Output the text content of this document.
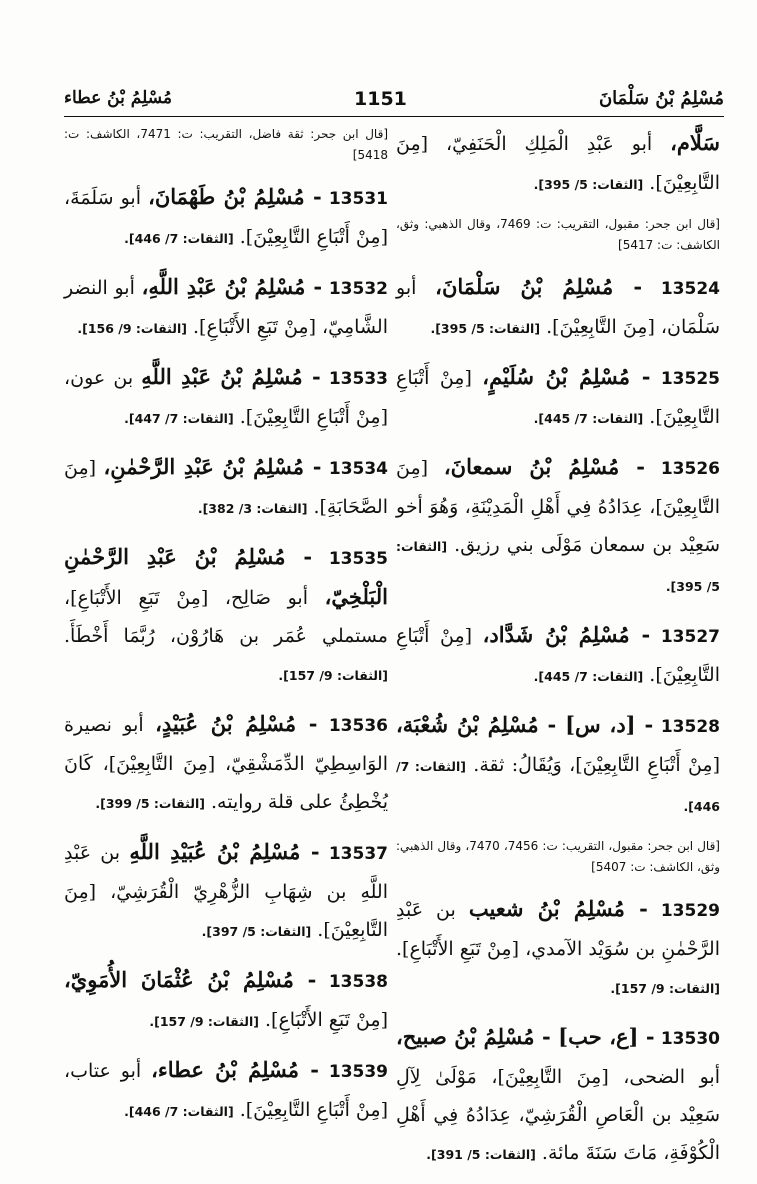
مُسْلِمُ بْنُ سَلْمَانَ
1151
مُسْلِمُ بْنُ عطاء
سَلَّام، أبو عَبْدِ الْمَلِكِ الْحَنَفِيّ، [مِنَ التَّابِعِيْنَ]. [الثقات: 5/ 395].
[قال ابن جحر: مقبول، التقريب: ت: 7469، وقال الذهبي: وثق، الكاشف: ت: 5417]
13524 - مُسْلِمُ بْنُ سَلْمَانَ، أبو سَلْمَان، [مِنَ التَّابِعِيْنَ]. [الثقات: 5/ 395].
13525 - مُسْلِمُ بْنُ سُلَيْمٍ، [مِنْ أَتْبَاعِ التَّابِعِيْنَ]. [الثقات: 7/ 445].
13526 - مُسْلِمُ بْنُ سمعانَ، [مِنَ التَّابِعِيْنَ]، عِدَادُهُ فِي أَهْلِ الْمَدِيْنَةِ، وَهُوَ أخو سَعِيْد بن سمعان مَوْلَى بني رزيق. [الثقات: 5/ 395].
13527 - مُسْلِمُ بْنُ شَدَّاد، [مِنْ أَتْبَاعِ التَّابِعِيْنَ]. [الثقات: 7/ 445].
13528 - [د، س] - مُسْلِمُ بْنُ شُعْبَة، [مِنْ أَتْبَاعِ التَّابِعِيْنَ]، وَيُقَالُ: ثقة. [الثقات: 7/ 446].
[قال ابن جحر: مقبول، التقريب: ت: 7456، 7470، وقال الذهبي: وثق، الكاشف: ت: 5407]
13529 - مُسْلِمُ بْنُ شعيب بن عَبْدِ الرَّحْمٰنِ بن سُوَيْد الآمدي، [مِنْ تَبَعِ الأَتْبَاعِ]. [الثقات: 9/ 157].
13530 - [ع، حب] - مُسْلِمُ بْنُ صبيح، أبو الضحى، [مِنَ التَّابِعِيْنَ]، مَوْلَىٰ لِآلِ سَعِيْد بن الْعَاصِ الْقُرَشِيّ، عِدَادُهُ فِي أَهْلِ الْكُوْفَةِ، مَاتَ سَنَةَ مائة. [الثقات: 5/ 391].
[قال ابن جحر: ثقة فاضل، التقريب: ت: 7471، الكاشف: ت: 5418]
13531 - مُسْلِمُ بْنُ طَهْمَانَ، أبو سَلَمَةَ، [مِنْ أَتْبَاعِ التَّابِعِيْنَ]. [الثقات: 7/ 446].
13532 - مُسْلِمُ بْنُ عَبْدِ اللَّهِ، أبو النضر الشَّامِيّ، [مِنْ تَبَعِ الأَتْبَاعِ]. [الثقات: 9/ 156].
13533 - مُسْلِمُ بْنُ عَبْدِ اللَّهِ بن عون، [مِنْ أَتْبَاعِ التَّابِعِيْنَ]. [الثقات: 7/ 447].
13534 - مُسْلِمُ بْنُ عَبْدِ الرَّحْمٰنِ، [مِنَ الصَّحَابَةِ]. [الثقات: 3/ 382].
13535 - مُسْلِمُ بْنُ عَبْدِ الرَّحْمٰنِ الْبَلْخِيّ، أبو صَالِح، [مِنْ تَبَعِ الأَتْبَاعِ]، مستملي عُمَر بن هَارُوْن، رُبَّمَا أَخْطَأَ. [الثقات: 9/ 157].
13536 - مُسْلِمُ بْنُ عُبَيْدٍ، أبو نصيرة الوَاسِطِيّ الدِّمَشْقِيّ، [مِنَ التَّابِعِيْنَ]، كَانَ يُخْطِئُ على قلة روايته. [الثقات: 5/ 399].
13537 - مُسْلِمُ بْنُ عُبَيْدِ اللَّهِ بن عَبْدِ اللَّهِ بن شِهَابِ الزُّهْرِيّ الْقُرَشِيّ، [مِنَ التَّابِعِيْنَ]. [الثقات: 5/ 397].
13538 - مُسْلِمُ بْنُ عُثْمَانَ الأُمَوِيّ، [مِنْ تَبَعِ الأَتْبَاعِ]. [الثقات: 9/ 157].
13539 - مُسْلِمُ بْنُ عطاء، أبو عتاب، [مِنْ أَتْبَاعِ التَّابِعِيْنَ]. [الثقات: 7/ 446].
